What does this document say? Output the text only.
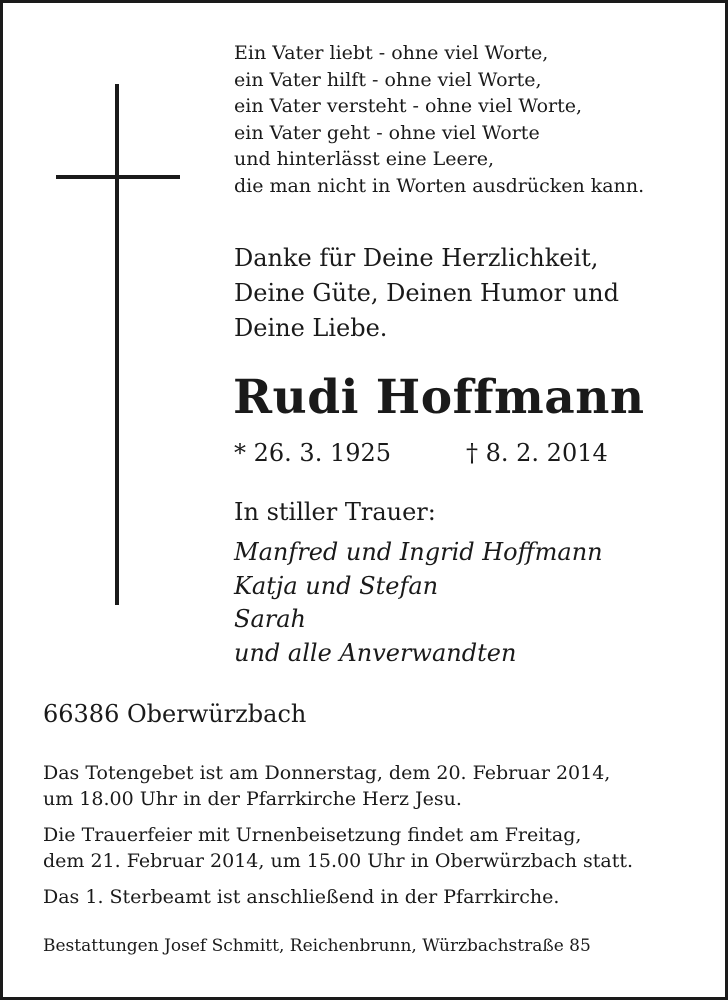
Ein Vater liebt - ohne viel Worte,
ein Vater hilft - ohne viel Worte,
ein Vater versteht - ohne viel Worte,
ein Vater geht - ohne viel Worte
und hinterlässt eine Leere,
die man nicht in Worten ausdrücken kann.
Danke für Deine Herzlichkeit,
Deine Güte, Deinen Humor und
Deine Liebe.
Rudi Hoffmann
* 26. 3. 1925	† 8. 2. 2014
In stiller Trauer:
Manfred und Ingrid Hoffmann
Katja und Stefan
Sarah
und alle Anverwandten
66386 Oberwürzbach
Das Totengebet ist am Donnerstag, dem 20. Februar 2014,
um 18.00 Uhr in der Pfarrkirche Herz Jesu.
Die Trauerfeier mit Urnenbeisetzung findet am Freitag,
dem 21. Februar 2014, um 15.00 Uhr in Oberwürzbach statt.
Das 1. Sterbeamt ist anschließend in der Pfarrkirche.
Bestattungen Josef Schmitt, Reichenbrunn, Würzbachstraße 85
